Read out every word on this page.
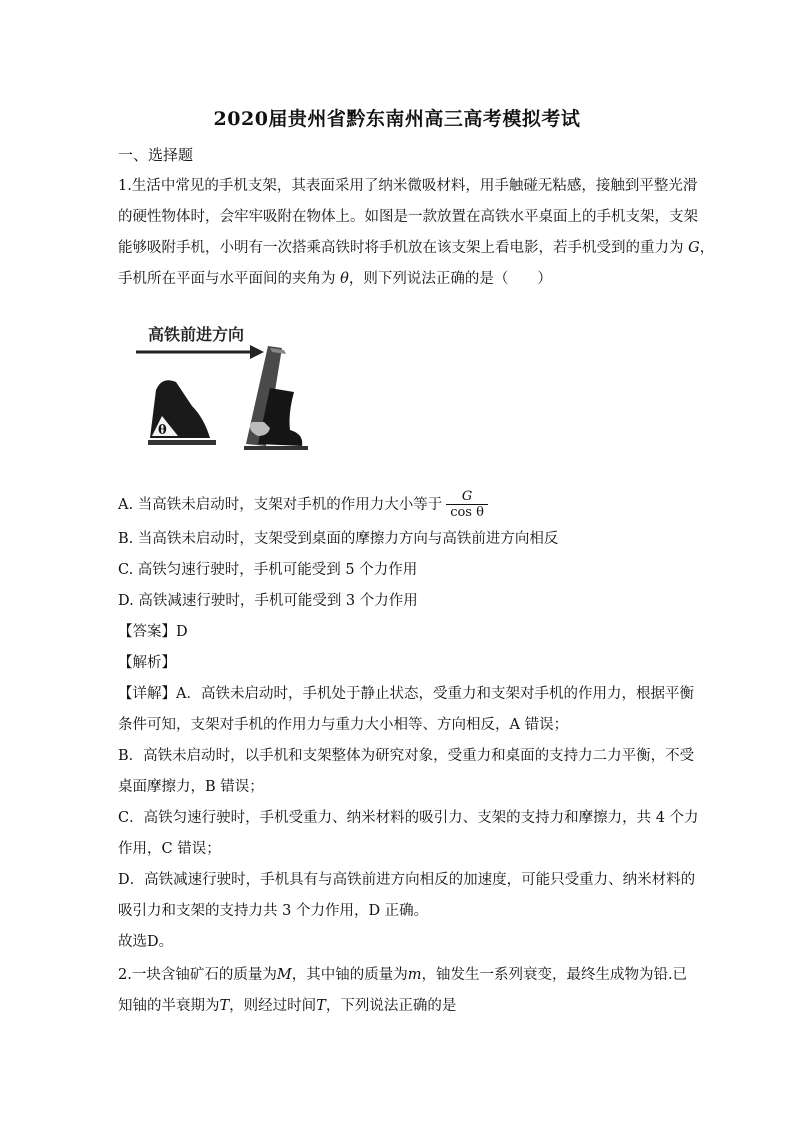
2020届贵州省黔东南州高三高考模拟考试
一、选择题
1.生活中常见的手机支架，其表面采用了纳米微吸材料，用手触碰无粘感，接触到平整光滑
的硬性物体时，会牢牢吸附在物体上。如图是一款放置在高铁水平桌面上的手机支架，支架
能够吸附手机，小明有一次搭乘高铁时将手机放在该支架上看电影，若手机受到的重力为 G，
手机所在平面与水平面间的夹角为 θ，则下列说法正确的是（　　）
高铁前进方向
θ
A. 当高铁未启动时，支架对手机的作用力大小等于 $\frac{G}{\text{cos θ}}$
B. 当高铁未启动时，支架受到桌面的摩擦力方向与高铁前进方向相反
C. 高铁匀速行驶时，手机可能受到 5 个力作用
D. 高铁减速行驶时，手机可能受到 3 个力作用
【答案】D
【解析】
【详解】A．高铁未启动时，手机处于静止状态，受重力和支架对手机的作用力，根据平衡
条件可知，支架对手机的作用力与重力大小相等、方向相反，A 错误；
B．高铁未启动时，以手机和支架整体为研究对象，受重力和桌面的支持力二力平衡，不受
桌面摩擦力，B 错误；
C．高铁匀速行驶时，手机受重力、纳米材料的吸引力、支架的支持力和摩擦力，共 4 个力
作用，C 错误；
D．高铁减速行驶时，手机具有与高铁前进方向相反的加速度，可能只受重力、纳米材料的
吸引力和支架的支持力共 3 个力作用，D 正确。
故选D。
2.一块含铀矿石的质量为M，其中铀的质量为m，铀发生一系列衰变，最终生成物为铅.已
知铀的半衰期为T，则经过时间T，下列说法正确的是
